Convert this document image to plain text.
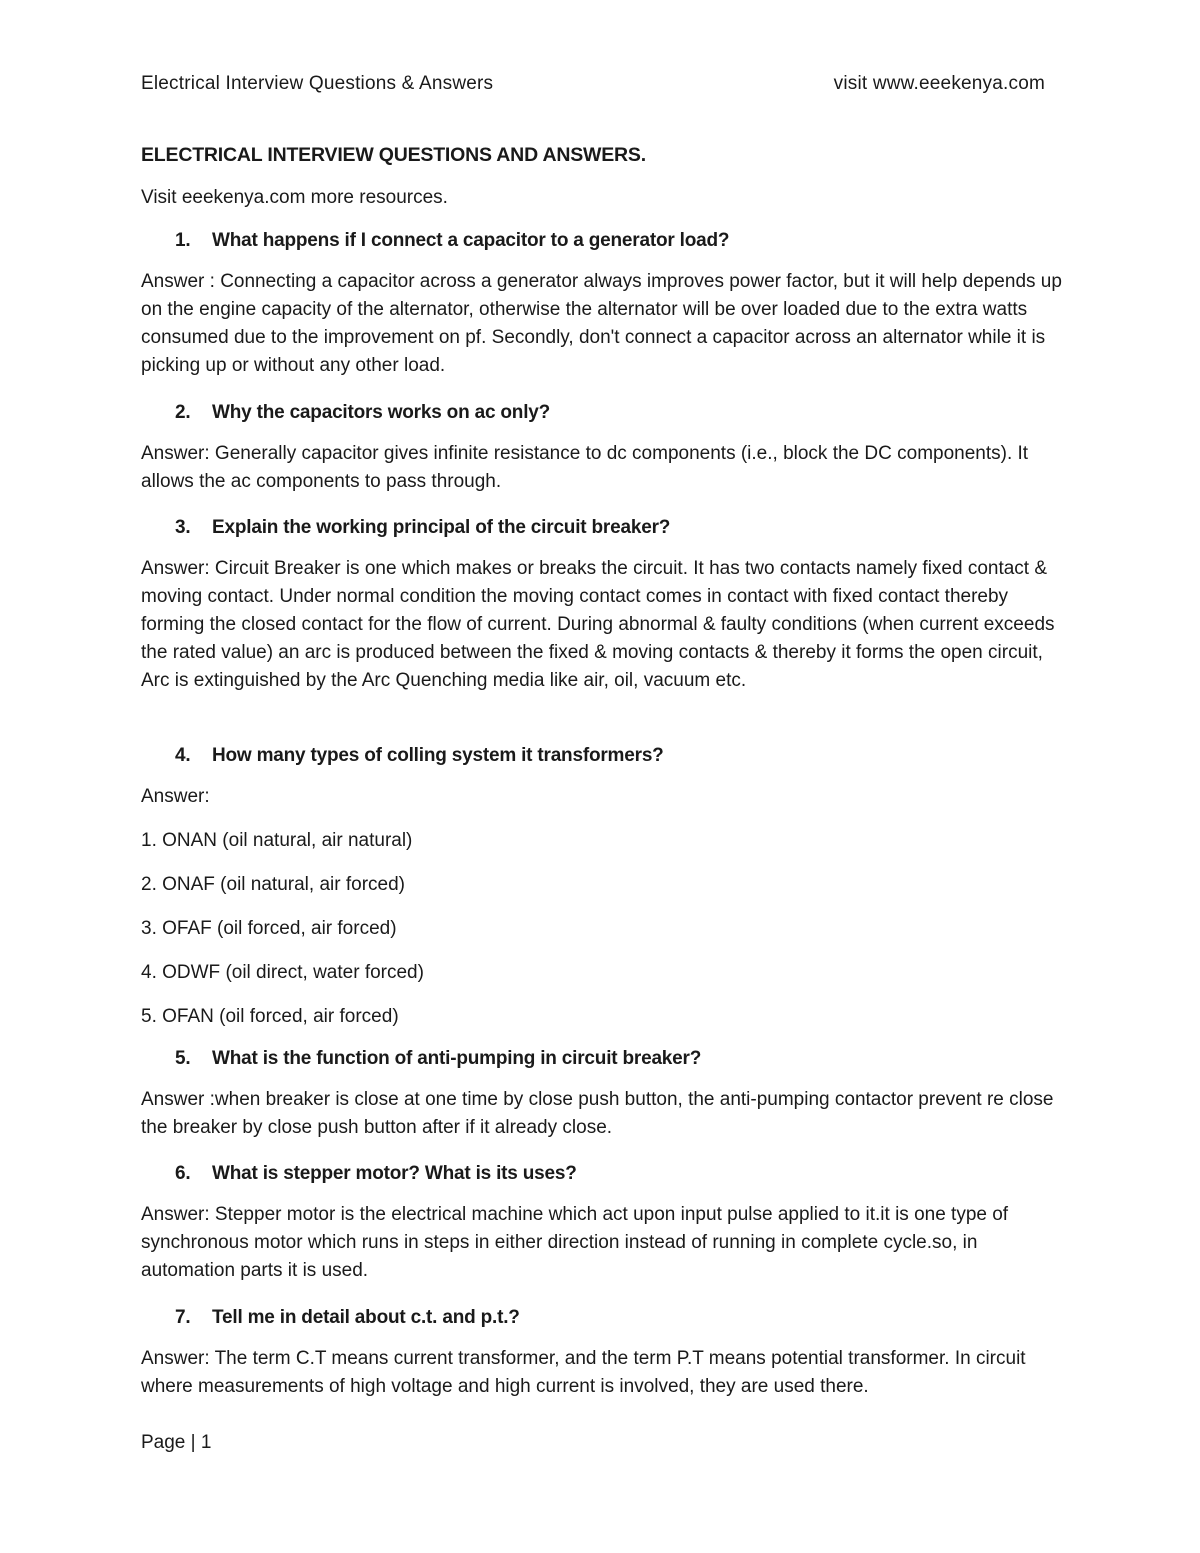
Electrical Interview Questions & Answers	visit www.eeekenya.com
ELECTRICAL INTERVIEW QUESTIONS AND ANSWERS.

Visit eeekenya.com more resources.

1. What happens if I connect a capacitor to a generator load?

Answer : Connecting a capacitor across a generator always improves power factor, but it will help depends up on the engine capacity of the alternator, otherwise the alternator will be over loaded due to the extra watts consumed due to the improvement on pf. Secondly, don't connect a capacitor across an alternator while it is picking up or without any other load.

2. Why the capacitors works on ac only?

Answer: Generally capacitor gives infinite resistance to dc components (i.e., block the DC components). It allows the ac components to pass through.

3. Explain the working principal of the circuit breaker?

Answer: Circuit Breaker is one which makes or breaks the circuit. It has two contacts namely fixed contact & moving contact. Under normal condition the moving contact comes in contact with fixed contact thereby forming the closed contact for the flow of current. During abnormal & faulty conditions (when current exceeds the rated value) an arc is produced between the fixed & moving contacts & thereby it forms the open circuit, Arc is extinguished by the Arc Quenching media like air, oil, vacuum etc.

4. How many types of colling system it transformers?

Answer:

1. ONAN (oil natural, air natural)
2. ONAF (oil natural, air forced)
3. OFAF (oil forced, air forced)
4. ODWF (oil direct, water forced)
5. OFAN (oil forced, air forced)

5. What is the function of anti-pumping in circuit breaker?

Answer :when breaker is close at one time by close push button, the anti-pumping contactor prevent re close the breaker by close push button after if it already close.

6. What is stepper motor? What is its uses?

Answer: Stepper motor is the electrical machine which act upon input pulse applied to it.it is one type of synchronous motor which runs in steps in either direction instead of running in complete cycle.so, in automation parts it is used.

7. Tell me in detail about c.t. and p.t.?

Answer: The term C.T means current transformer, and the term P.T means potential transformer. In circuit where measurements of high voltage and high current is involved, they are used there.

Page | 1
